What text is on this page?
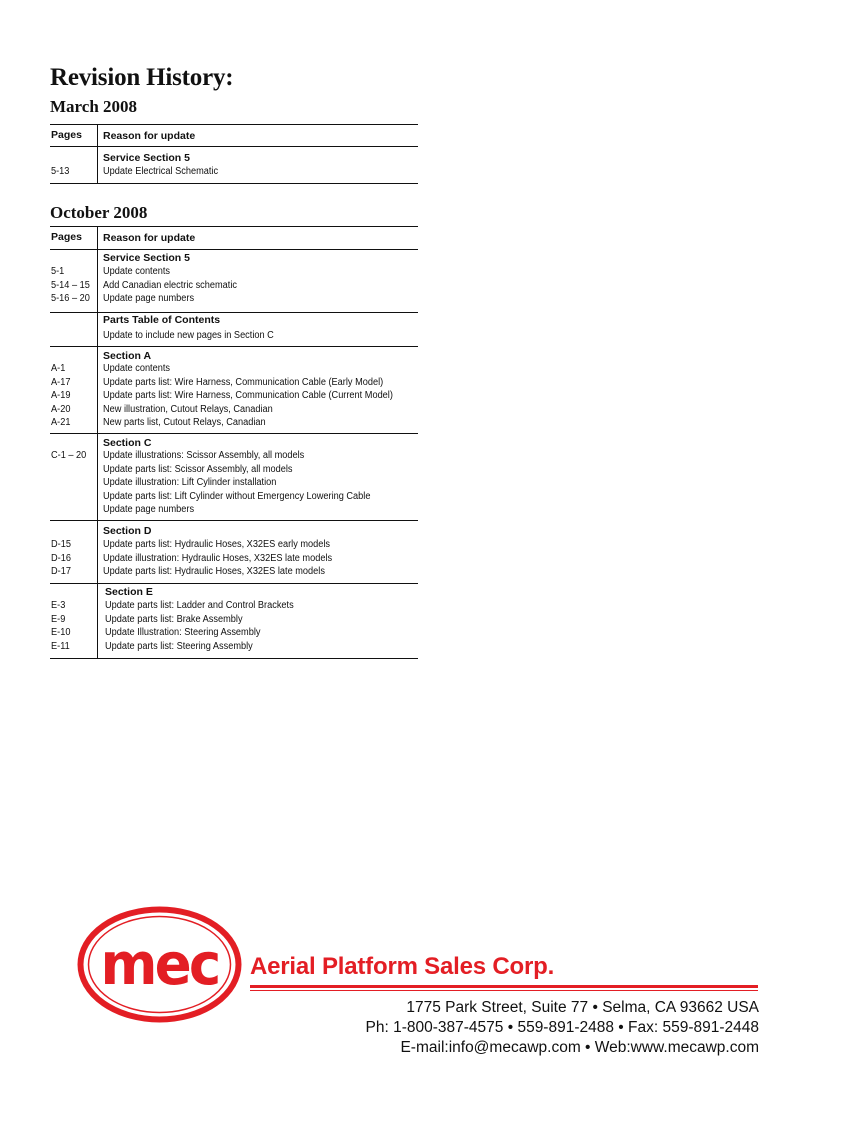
Revision History:
March 2008
Pages Reason for update
Service Section 5
5-13	Update Electrical Schematic
October 2008
Pages Reason for update
Service Section 5
5-1
5-14 – 15
5-16 – 20
Update contents
Add Canadian electric schematic
Update page numbers
Parts Table of Contents
Update to include new pages in Section C
Section A
A-1
A-17
A-19
A-20
A-21
Update contents
Update parts list: Wire Harness, Communication Cable (Early Model)
Update parts list: Wire Harness, Communication Cable (Current Model)
New illustration, Cutout Relays, Canadian
New parts list, Cutout Relays, Canadian
Section C
C-1 – 20 Update illustrations: Scissor Assembly, all models
Update parts list: Scissor Assembly, all models
Update illustration: Lift Cylinder installation
Update parts list: Lift Cylinder without Emergency Lowering Cable
Update page numbers
Section D
D-15
D-16
D-17
Update parts list: Hydraulic Hoses, X32ES early models
Update illustration: Hydraulic Hoses, X32ES late models
Update parts list: Hydraulic Hoses, X32ES late models
Section E
E-3
E-9
E-10
E-11
Update parts list: Ladder and Control Brackets
Update parts list: Brake Assembly
Update Illustration: Steering Assembly
Update parts list: Steering Assembly
mec Aerial Platform Sales Corp.
1775 Park Street, Suite 77 • Selma, CA 93662 USA
Ph: 1-800-387-4575 • 559-891-2488 • Fax: 559-891-2448
E-mail:info@mecawp.com • Web:www.mecawp.com
